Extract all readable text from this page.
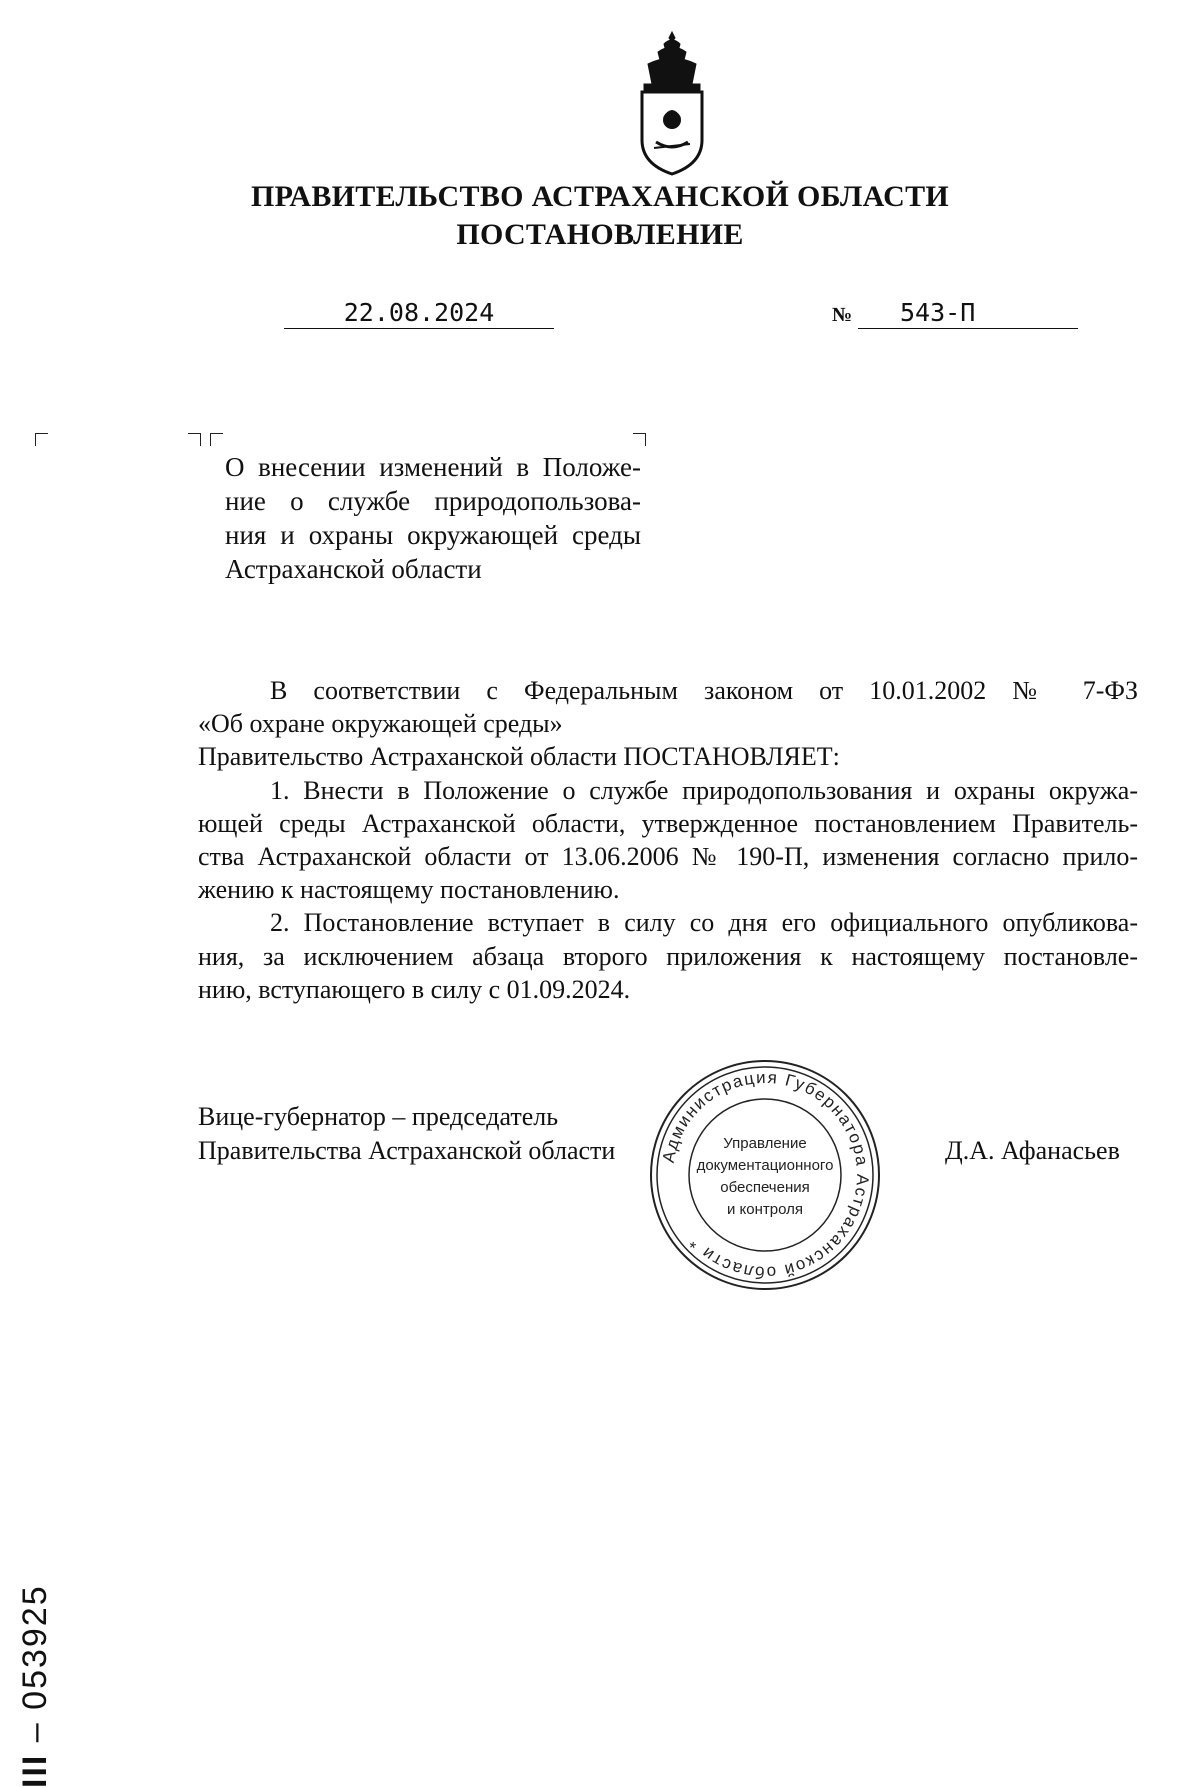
ПРАВИТЕЛЬСТВО АСТРАХАНСКОЙ ОБЛАСТИ
ПОСТАНОВЛЕНИЕ
22.08.2024	№	543-П
О внесении изменений в Положе-
ние о службе природопользова-
ния и охраны окружающей среды
Астраханской области
В соответствии с Федеральным законом от 10.01.2002 № 7-ФЗ
«Об охране окружающей среды»
Правительство Астраханской области ПОСТАНОВЛЯЕТ:
1. Внести в Положение о службе природопользования и охраны окружа-
ющей среды Астраханской области, утвержденное постановлением Правитель-
ства Астраханской области от 13.06.2006 № 190-П, изменения согласно прило-
жению к настоящему постановлению.
2. Постановление вступает в силу со дня его официального опубликова-
ния, за исключением абзаца второго приложения к настоящему постановле-
нию, вступающего в силу с 01.09.2024.
Вице-губернатор – председатель
Правительства Астраханской области	Д.А. Афанасьев
Администрация Губернатора Астраханской области *
Управление
документационного
обеспечения
и контроля
III – 053925
